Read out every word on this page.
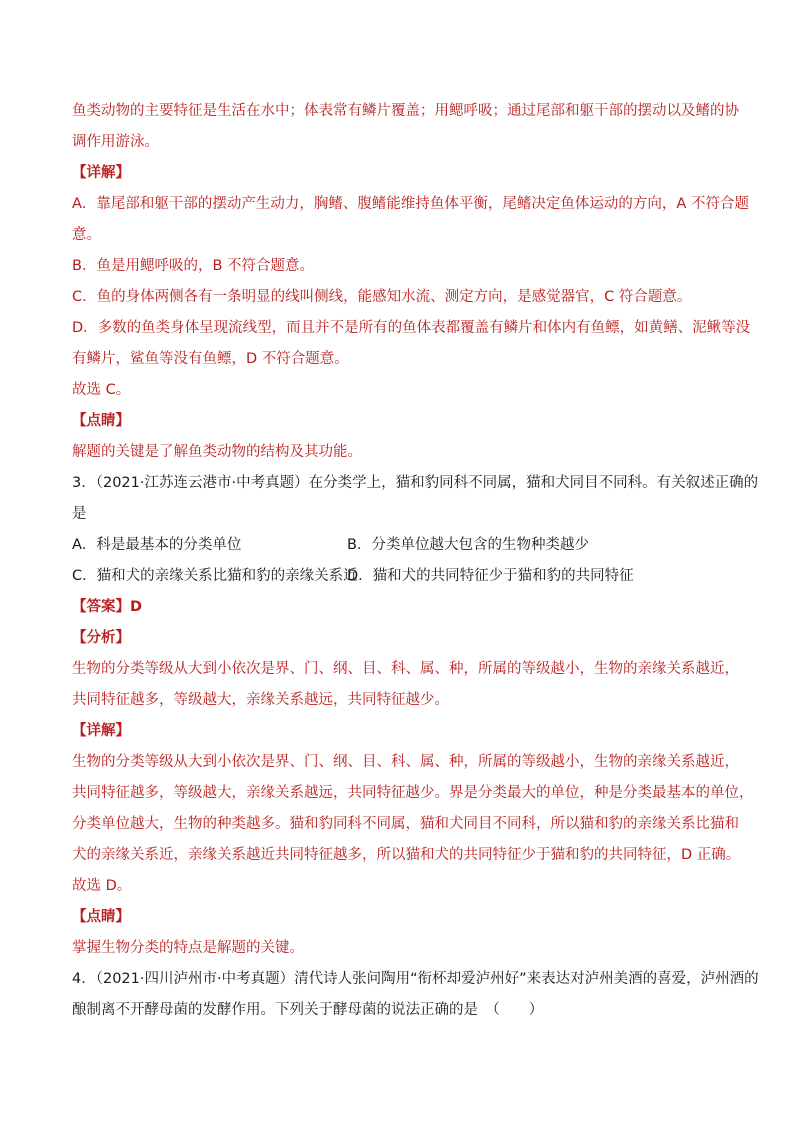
鱼类动物的主要特征是生活在水中；体表常有鳞片覆盖；用鳃呼吸；通过尾部和躯干部的摆动以及鳍的协
调作用游泳。
【详解】
A．靠尾部和躯干部的摆动产生动力，胸鳍、腹鳍能维持鱼体平衡，尾鳍决定鱼体运动的方向，A 不符合题
意。
B．鱼是用鳃呼吸的，B 不符合题意。
C．鱼的身体两侧各有一条明显的线叫侧线，能感知水流、测定方向，是感觉器官，C 符合题意。
D．多数的鱼类身体呈现流线型，而且并不是所有的鱼体表都覆盖有鳞片和体内有鱼鳔，如黄鳝、泥鳅等没
有鳞片，鲨鱼等没有鱼鳔，D 不符合题意。
故选 C。
【点睛】
解题的关键是了解鱼类动物的结构及其功能。
3．（2021·江苏连云港市·中考真题）在分类学上，猫和豹同科不同属，猫和犬同目不同科。有关叙述正确的
是
A．科是最基本的分类单位	B．分类单位越大包含的生物种类越少
C．猫和犬的亲缘关系比猫和豹的亲缘关系近
D．猫和犬的共同特征少于猫和豹的共同特征
【答案】D
【分析】
生物的分类等级从大到小依次是界、门、纲、目、科、属、种，所属的等级越小，生物的亲缘关系越近，
共同特征越多，等级越大，亲缘关系越远，共同特征越少。
【详解】
生物的分类等级从大到小依次是界、门、纲、目、科、属、种，所属的等级越小，生物的亲缘关系越近，
共同特征越多，等级越大，亲缘关系越远，共同特征越少。界是分类最大的单位，种是分类最基本的单位，
分类单位越大，生物的种类越多。猫和豹同科不同属，猫和犬同目不同科，所以猫和豹的亲缘关系比猫和
犬的亲缘关系近，亲缘关系越近共同特征越多，所以猫和犬的共同特征少于猫和豹的共同特征，D 正确。
故选 D。
【点睛】
掌握生物分类的特点是解题的关键。
4．（2021·四川泸州市·中考真题）清代诗人张问陶用“衔杯却爱泸州好”来表达对泸州美酒的喜爱，泸州酒的
酿制离不开酵母菌的发酵作用。下列关于酵母菌的说法正确的是　（　　）
